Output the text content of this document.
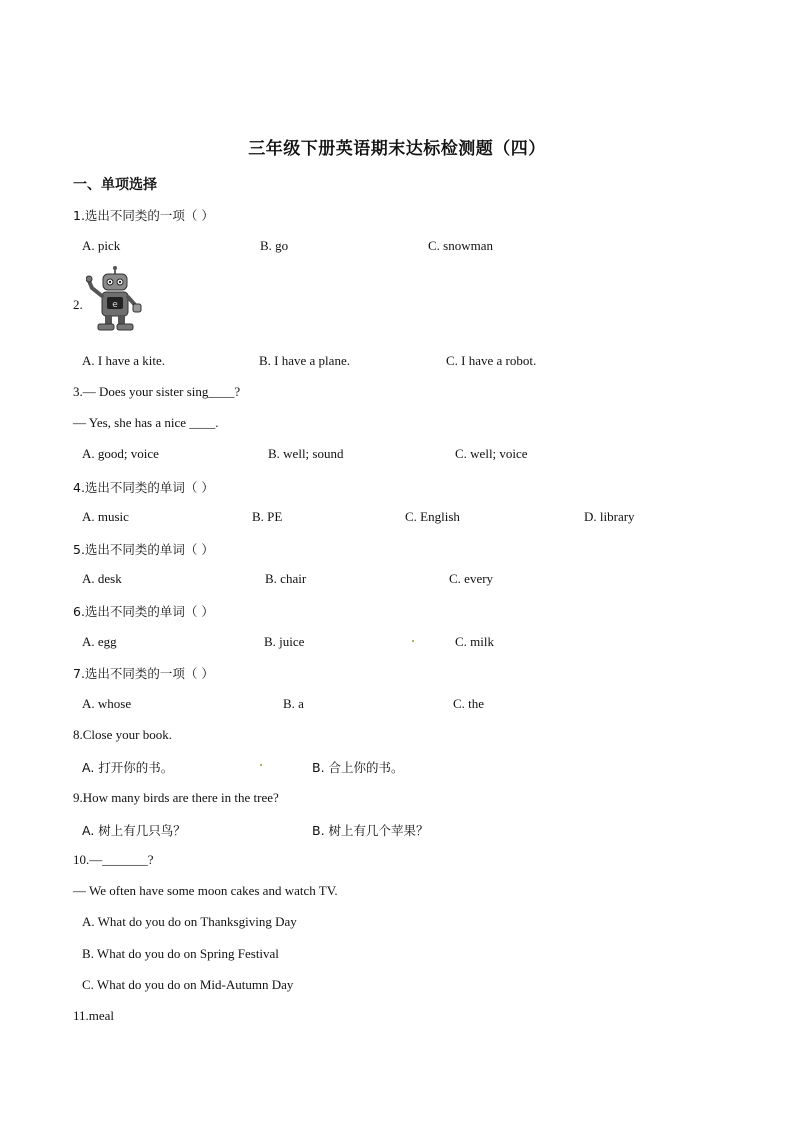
三年级下册英语期末达标检测题（四）
一、单项选择
1.选出不同类的一项（ ）
A. pick	B. go	C. snowman
2.	e
A. I have a kite.	B. I have a plane.	C. I have a robot.
3.— Does your sister sing____?
— Yes, she has a nice ____.
A. good; voice	B. well; sound	C. well; voice
4.选出不同类的单词（ ）
A. music	B. PE	C. English	D. library
5.选出不同类的单词（ ）
A. desk	B. chair	C. every
6.选出不同类的单词（ ）
A. egg	B. juice	C. milk
7.选出不同类的一项（ ）
A. whose	B. a	C. the
8.Close your book.
A. 打开你的书。	B. 合上你的书。
9.How many birds are there in the tree?
A. 树上有几只鸟？	B. 树上有几个苹果？
10.—_______?
— We often have some moon cakes and watch TV.
A. What do you do on Thanksgiving Day
B. What do you do on Spring Festival
C. What do you do on Mid-Autumn Day
11.meal
